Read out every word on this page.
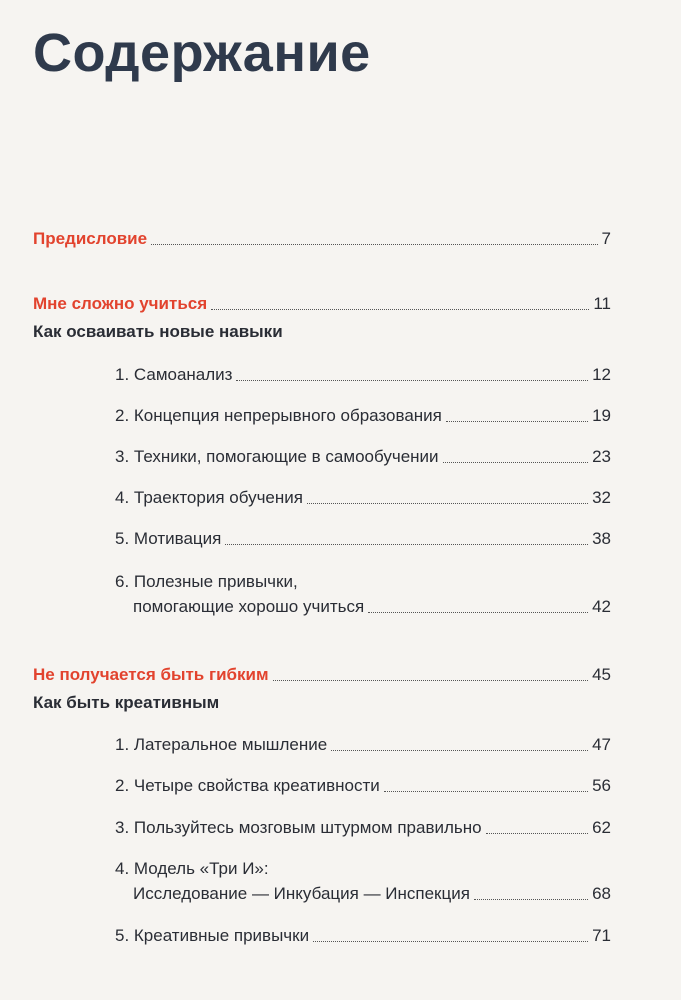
Содержание
Предисловие	7
Мне сложно учиться	11
Как осваивать новые навыки
1. Самоанализ	12
2. Концепция непрерывного образования	19
3. Техники, помогающие в самообучении	23
4. Траектория обучения	32
5. Мотивация	38
6. Полезные привычки,
помогающие хорошо учиться	42
Не получается быть гибким	45
Как быть креативным
1. Латеральное мышление	47
2. Четыре свойства креативности	56
3. Пользуйтесь мозговым штурмом правильно	62
4. Модель «Три И»:
Исследование — Инкубация — Инспекция	68
5. Креативные привычки	71
